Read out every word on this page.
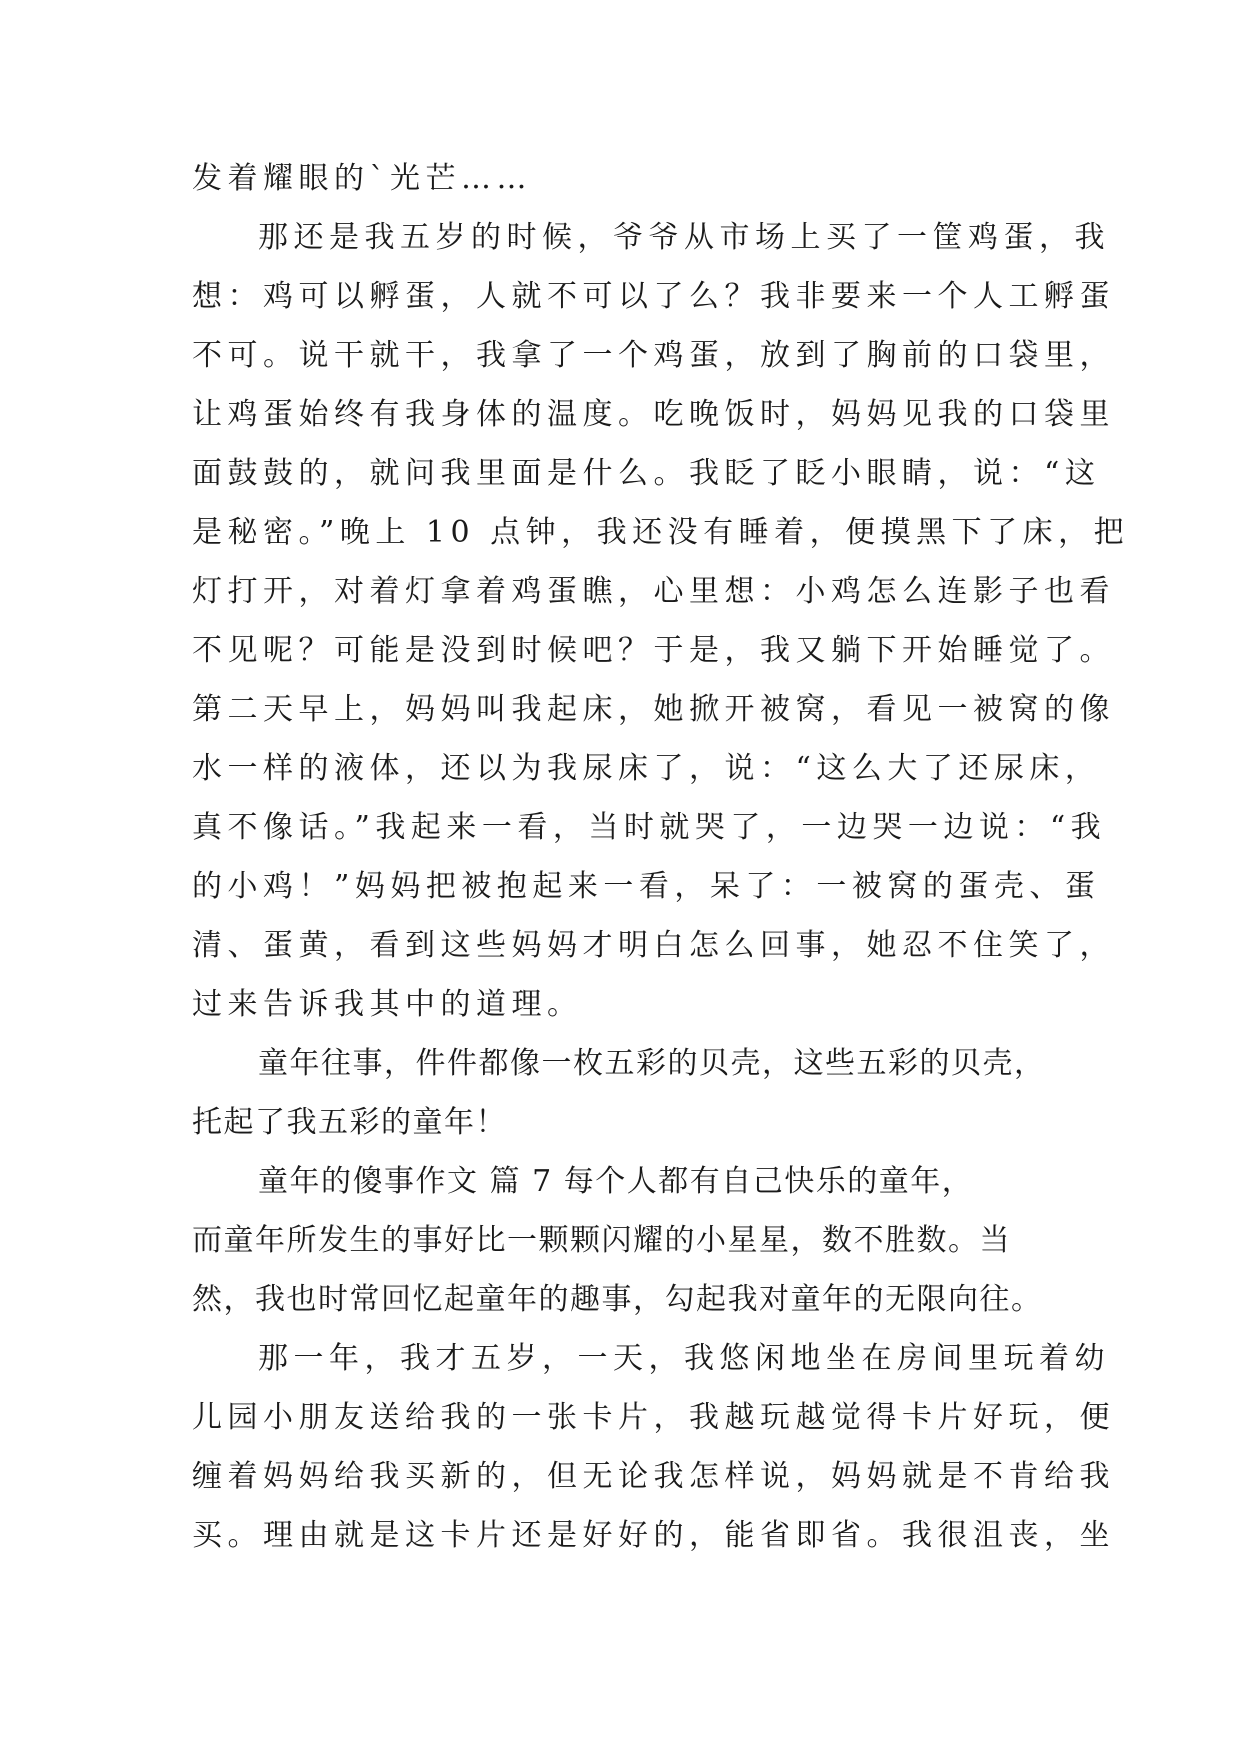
发着耀眼的`光芒……
那还是我五岁的时候，爷爷从市场上买了一筐鸡蛋，我
想：鸡可以孵蛋，人就不可以了么？我非要来一个人工孵蛋
不可。说干就干，我拿了一个鸡蛋，放到了胸前的口袋里，
让鸡蛋始终有我身体的温度。吃晚饭时，妈妈见我的口袋里
面鼓鼓的，就问我里面是什么。我眨了眨小眼睛，说：“这
是秘密。”晚上 10 点钟，我还没有睡着，便摸黑下了床，把
灯打开，对着灯拿着鸡蛋瞧，心里想：小鸡怎么连影子也看
不见呢？可能是没到时候吧？于是，我又躺下开始睡觉了。
第二天早上，妈妈叫我起床，她掀开被窝，看见一被窝的像
水一样的液体，还以为我尿床了，说：“这么大了还尿床，
真不像话。”我起来一看，当时就哭了，一边哭一边说：“我
的小鸡！”妈妈把被抱起来一看，呆了：一被窝的蛋壳、蛋
清、蛋黄，看到这些妈妈才明白怎么回事，她忍不住笑了，
过来告诉我其中的道理。
童年往事，件件都像一枚五彩的贝壳，这些五彩的贝壳，
托起了我五彩的童年！
童年的傻事作文 篇 7 每个人都有自己快乐的童年，
而童年所发生的事好比一颗颗闪耀的小星星，数不胜数。当
然，我也时常回忆起童年的趣事，勾起我对童年的无限向往。
那一年，我才五岁，一天，我悠闲地坐在房间里玩着幼
儿园小朋友送给我的一张卡片，我越玩越觉得卡片好玩，便
缠着妈妈给我买新的，但无论我怎样说，妈妈就是不肯给我
买。理由就是这卡片还是好好的，能省即省。我很沮丧，坐
